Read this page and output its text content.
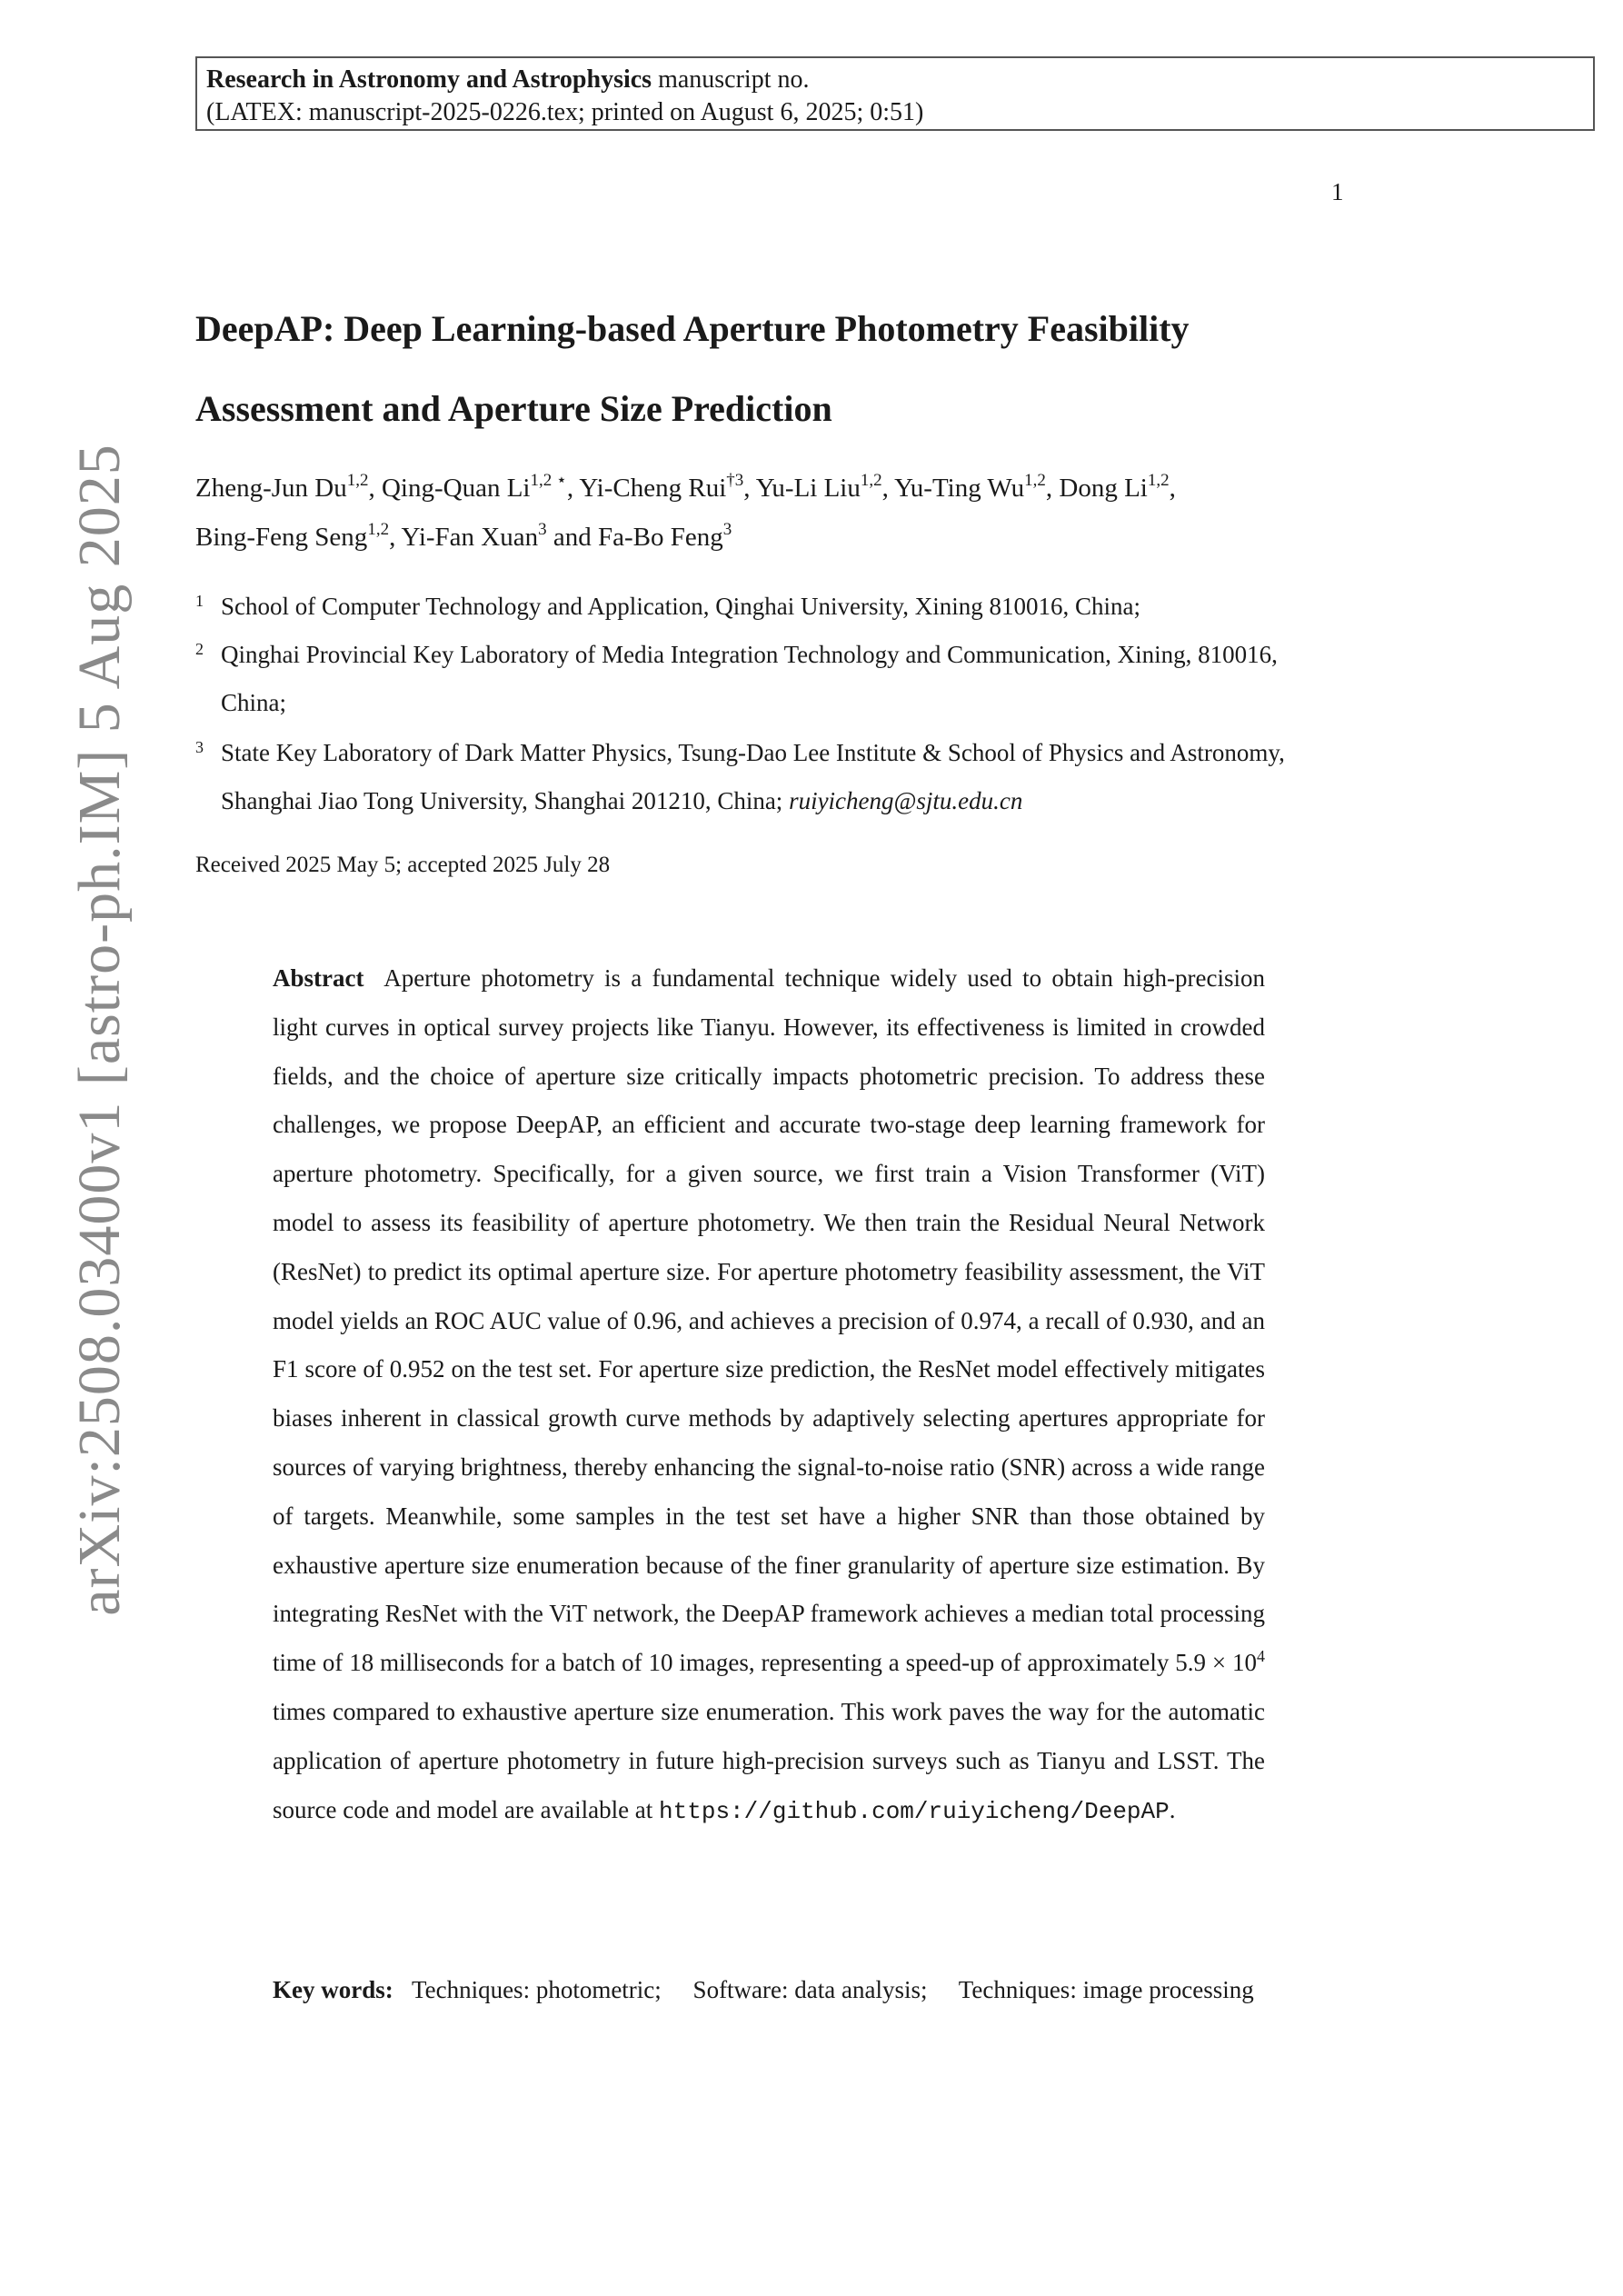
Research in Astronomy and Astrophysics manuscript no.
(LATEX: manuscript-2025-0226.tex; printed on August 6, 2025; 0:51)
1
arXiv:2508.03400v1 [astro-ph.IM] 5 Aug 2025
DeepAP: Deep Learning-based Aperture Photometry Feasibility
Assessment and Aperture Size Prediction
Zheng-Jun Du$^{1,2}$, Qing-Quan $Li^{1,2 ⋆}$, Yi-Cheng Rui$^{\dagger 3}$, Yu-Li Liu$^{1,2}$, Yu-Ting Wu$^{1,2}$, Dong Li$^{1,2}$,
Bing-Feng Seng$^{1,2}$, Yi-Fan Xuan$^3$ and Fa-Bo Feng$^3$
1 School of Computer Technology and Application, Qinghai University, Xining 810016, China;
2 Qinghai Provincial Key Laboratory of Media Integration Technology and Communication, Xining, 810016, China;
3 State Key Laboratory of Dark Matter Physics, Tsung-Dao Lee Institute & School of Physics and Astronomy, Shanghai Jiao Tong University, Shanghai 201210, China; ruiyicheng@sjtu.edu.cn
Received 2025 May 5; accepted 2025 July 28
Abstract Aperture photometry is a fundamental technique widely used to obtain high-precision light curves in optical survey projects like Tianyu. However, its effectiveness is limited in crowded fields, and the choice of aperture size critically impacts photometric precision. To address these challenges, we propose DeepAP, an efficient and accurate two-stage deep learning framework for aperture photometry. Specifically, for a given source, we first train a Vision Transformer (ViT) model to assess its feasibility of aperture photometry. We then train the Residual Neural Network (ResNet) to predict its optimal aperture size. For aperture photometry feasibility assessment, the ViT model yields an ROC AUC value of 0.96, and achieves a precision of 0.974, a recall of 0.930, and an F1 score of 0.952 on the test set. For aperture size prediction, the ResNet model effectively mitigates biases inherent in classical growth curve methods by adaptively selecting apertures appropriate for sources of varying brightness, thereby enhancing the signal-to-noise ratio (SNR) across a wide range of targets. Meanwhile, some samples in the test set have a higher SNR than those obtained by exhaustive aperture size enumeration because of the finer granularity of aperture size estimation. By integrating ResNet with the ViT network, the DeepAP framework achieves a median total processing time of 18 milliseconds for a batch of 10 images, representing a speed-up of approximately $5.9 \times 10^4$ times compared to exhaustive aperture size enumeration. This work paves the way for the automatic application of aperture photometry in future high-precision surveys such as Tianyu and LSST. The source code and model are available at https://github.com/ruiyicheng/DeepAP.
Key words: Techniques: photometric; Software: data analysis; Techniques: image processing
